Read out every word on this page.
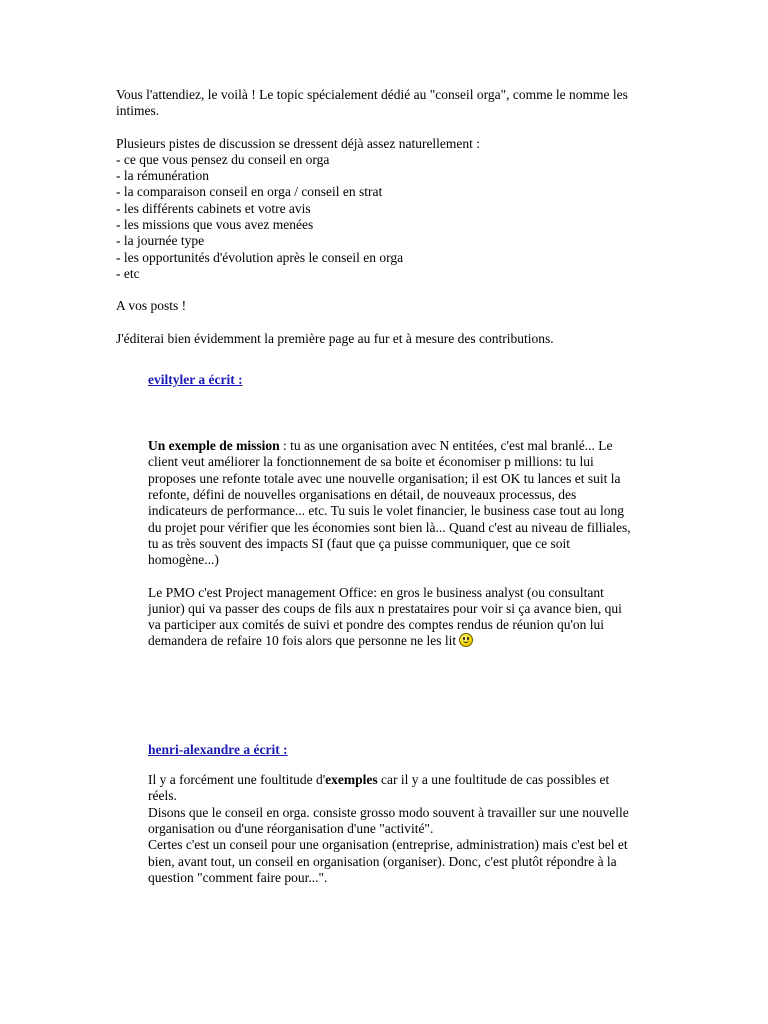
Vous l'attendiez, le voilà ! Le topic spécialement dédié au "conseil orga", comme le nomme les intimes.

Plusieurs pistes de discussion se dressent déjà assez naturellement :

- ce que vous pensez du conseil en orga
- la rémunération
- la comparaison conseil en orga / conseil en strat
- les différents cabinets et votre avis
- les missions que vous avez menées
- la journée type
- les opportunités d'évolution après le conseil en orga
- etc

A vos posts !

J'éditerai bien évidemment la première page au fur et à mesure des contributions.

eviltyler a écrit :

Un exemple de mission : tu as une organisation avec N entitées, c'est mal branlé... Le client veut améliorer la fonctionnement de sa boite et économiser p millions: tu lui proposes une refonte totale avec une nouvelle organisation; il est OK tu lances et suit la refonte, défini de nouvelles organisations en détail, de nouveaux processus, des indicateurs de performance... etc. Tu suis le volet financier, le business case tout au long du projet pour vérifier que les économies sont bien là... Quand c'est au niveau de filliales, tu as très souvent des impacts SI (faut que ça puisse communiquer, que ce soit homogène...)

Le PMO c'est Project management Office: en gros le business analyst (ou consultant junior) qui va passer des coups de fils aux n prestataires pour voir si ça avance bien, qui va participer aux comités de suivi et pondre des comptes rendus de réunion qu'on lui demandera de refaire 10 fois alors que personne ne les lit

henri-alexandre a écrit :

Il y a forcément une foultitude d'exemples car il y a une foultitude de cas possibles et réels.

Disons que le conseil en orga. consiste grosso modo souvent à travailler sur une nouvelle organisation ou d'une réorganisation d'une "activité".

Certes c'est un conseil pour une organisation (entreprise, administration) mais c'est bel et bien, avant tout, un conseil en organisation (organiser). Donc, c'est plutôt répondre à la question "comment faire pour...".
